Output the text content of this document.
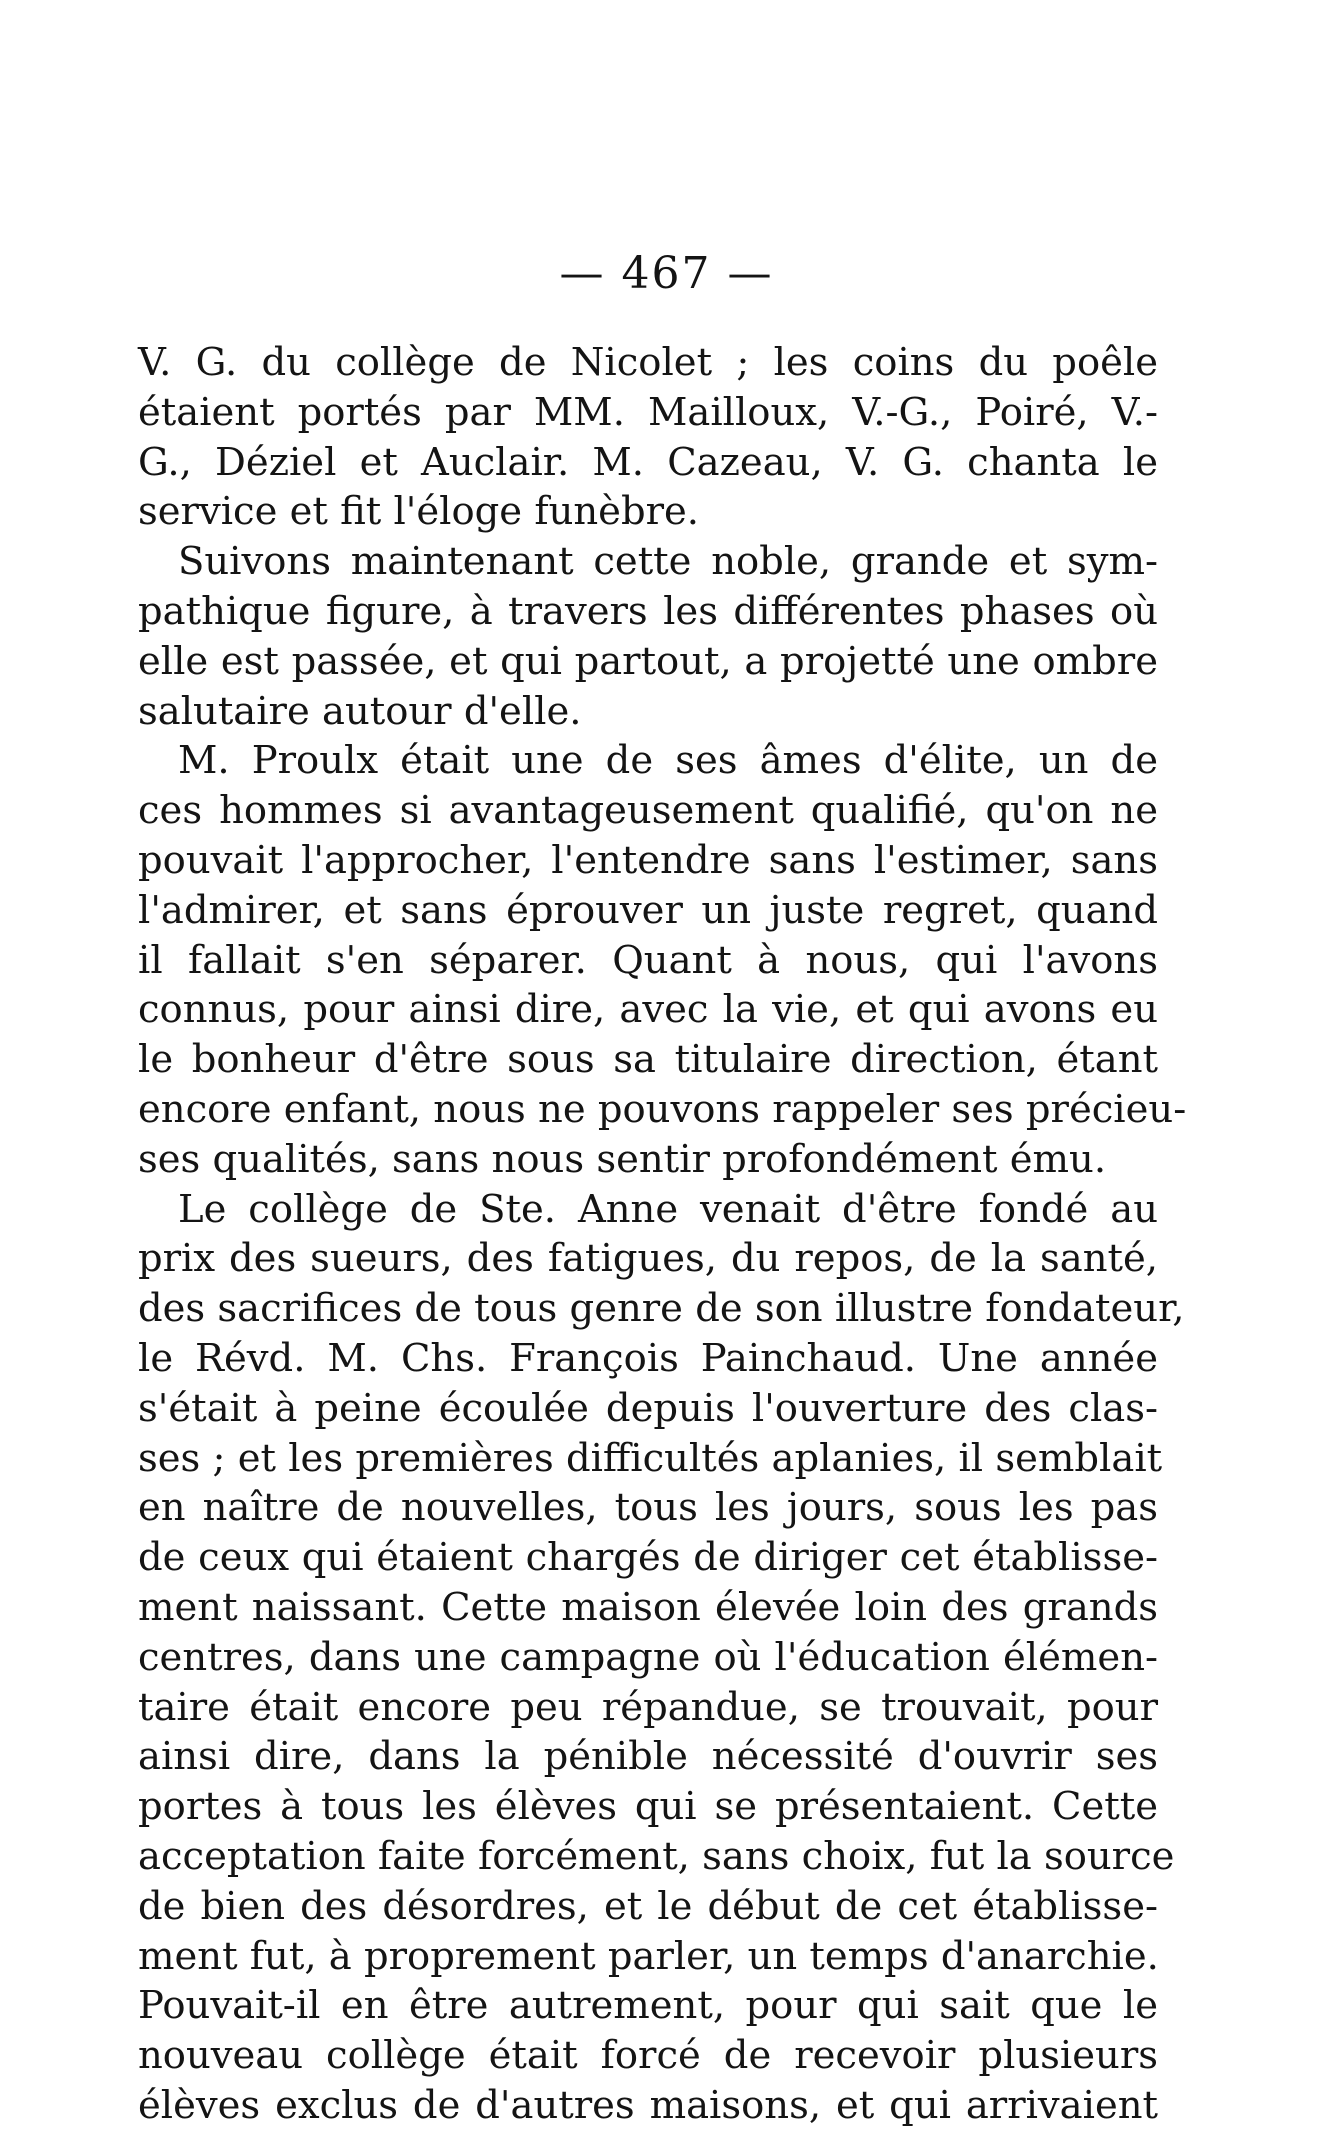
— 467 —
V. G. du collège de Nicolet ; les coins du poêle
étaient portés par MM. Mailloux, V.-G., Poiré, V.-
G., Déziel et Auclair. M. Cazeau, V. G. chanta le
service et fit l'éloge funèbre.
Suivons maintenant cette noble, grande et sym-
pathique figure, à travers les différentes phases où
elle est passée, et qui partout, a projetté une ombre
salutaire autour d'elle.
M. Proulx était une de ses âmes d'élite, un de
ces hommes si avantageusement qualifié, qu'on ne
pouvait l'approcher, l'entendre sans l'estimer, sans
l'admirer, et sans éprouver un juste regret, quand
il fallait s'en séparer. Quant à nous, qui l'avons
connus, pour ainsi dire, avec la vie, et qui avons eu
le bonheur d'être sous sa titulaire direction, étant
encore enfant, nous ne pouvons rappeler ses précieu-
ses qualités, sans nous sentir profondément ému.
Le collège de Ste. Anne venait d'être fondé au
prix des sueurs, des fatigues, du repos, de la santé,
des sacrifices de tous genre de son illustre fondateur,
le Révd. M. Chs. François Painchaud. Une année
s'était à peine écoulée depuis l'ouverture des clas-
ses ; et les premières difficultés aplanies, il semblait
en naître de nouvelles, tous les jours, sous les pas
de ceux qui étaient chargés de diriger cet établisse-
ment naissant. Cette maison élevée loin des grands
centres, dans une campagne où l'éducation élémen-
taire était encore peu répandue, se trouvait, pour
ainsi dire, dans la pénible nécessité d'ouvrir ses
portes à tous les élèves qui se présentaient. Cette
acceptation faite forcément, sans choix, fut la source
de bien des désordres, et le début de cet établisse-
ment fut, à proprement parler, un temps d'anarchie.
Pouvait-il en être autrement, pour qui sait que le
nouveau collège était forcé de recevoir plusieurs
élèves exclus de d'autres maisons, et qui arrivaient
